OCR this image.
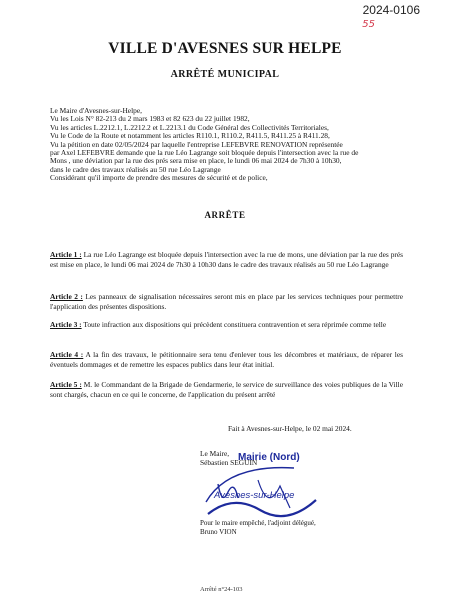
2024-0106
55
VILLE D'AVESNES SUR HELPE
ARRÊTÉ MUNICIPAL
Le Maire d'Avesnes-sur-Helpe,
Vu les Lois N° 82-213 du 2 mars 1983 et 82 623 du 22 juillet 1982,
Vu les articles L.2212.1, L.2212.2 et L.2213.1 du Code Général des Collectivités Territoriales,
Vu le Code de la Route et notamment les articles R110.1, R110.2, R411.5, R411.25 à R411.28,
Vu la pétition en date 02/05/2024 par laquelle l'entreprise LEFEBVRE RENOVATION représentée
par Axel LEFEBVRE demande que la rue Léo Lagrange soit bloquée depuis l'intersection avec la rue de
Mons , une déviation par la rue des prés sera mise en place, le lundi 06 mai 2024 de 7h30 à 10h30,
dans le cadre des travaux réalisés au 50 rue Léo Lagrange
Considérant qu'il importe de prendre des mesures de sécurité et de police,
ARRÊTE
Article 1 : La rue Léo Lagrange est bloquée depuis l'intersection avec la rue de mons, une déviation par la rue des prés est mise en place, le lundi 06 mai 2024 de 7h30 à 10h30 dans le cadre des travaux réalisés au 50 rue Léo Lagrange
Article 2 : Les panneaux de signalisation nécessaires seront mis en place par les services techniques pour permettre l'application des présentes dispositions.
Article 3 : Toute infraction aux dispositions qui précèdent constituera contravention et sera réprimée comme telle
Article 4 : A la fin des travaux, le pétitionnaire sera tenu d'enlever tous les décombres et matériaux, de réparer les éventuels dommages et de remettre les espaces publics dans leur état initial.
Article 5 : M. le Commandant de la Brigade de Gendarmerie, le service de surveillance des voies publiques de la Ville sont chargés, chacun en ce qui le concerne, de l'application du présent arrêté
Fait à Avesnes-sur-Helpe, le 02 mai 2024.
Le Maire,
Sébastien SEGUIN
Mairie (Nord)
Avesnes-sur-Helpe
Pour le maire empêché, l'adjoint délégué,
Bruno VION
Arrêté n°24-103
